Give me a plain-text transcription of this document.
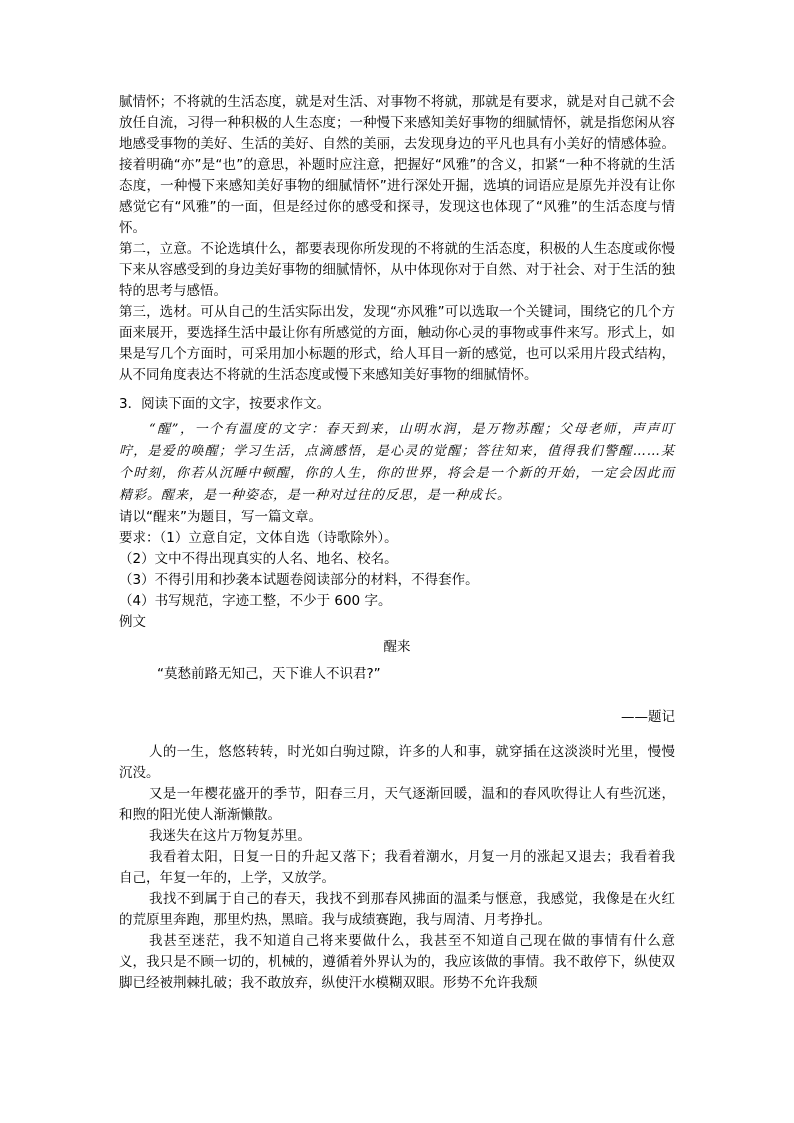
腻情怀；不将就的生活态度，就是对生活、对事物不将就，那就是有要求，就是对自己就不会放任自流，习得一种积极的人生态度；一种慢下来感知美好事物的细腻情怀，就是指您闲从容地感受事物的美好、生活的美好、自然的美丽，去发现身边的平凡也具有小美好的情感体验。接着明确“亦”是“也”的意思，补题时应注意，把握好“风雅”的含义，扣紧“一种不将就的生活态度，一种慢下来感知美好事物的细腻情怀”进行深处开掘，选填的词语应是原先并没有让你感觉它有“风雅”的一面，但是经过你的感受和探寻，发现这也体现了“风雅”的生活态度与情怀。

第二，立意。不论选填什么，都要表现你所发现的不将就的生活态度，积极的人生态度或你慢下来从容感受到的身边美好事物的细腻情怀，从中体现你对于自然、对于社会、对于生活的独特的思考与感悟。

第三，选材。可从自己的生活实际出发，发现“亦风雅”可以选取一个关键词，围绕它的几个方面来展开，要选择生活中最让你有所感觉的方面，触动你心灵的事物或事件来写。形式上，如果是写几个方面时，可采用加小标题的形式，给人耳目一新的感觉，也可以采用片段式结构，从不同角度表达不将就的生活态度或慢下来感知美好事物的细腻情怀。

3．阅读下面的文字，按要求作文。

“醒”，一个有温度的文字：春天到来，山明水润，是万物苏醒；父母老师，声声叮咛，是爱的唤醒；学习生活，点滴感悟，是心灵的觉醒；答往知来，值得我们警醒……某个时刻，你若从沉睡中顿醒，你的人生，你的世界，将会是一个新的开始，一定会因此而精彩。醒来，是一种姿态，是一种对过往的反思，是一种成长。

请以“醒来”为题目，写一篇文章。

要求：（1）立意自定，文体自选（诗歌除外）。

（2）文中不得出现真实的人名、地名、校名。

（3）不得引用和抄袭本试题卷阅读部分的材料，不得套作。

（4）书写规范，字迹工整，不少于 600 字。

例文

醒来

“莫愁前路无知己，天下谁人不识君?”

——题记

人的一生，悠悠转转，时光如白驹过隙，许多的人和事，就穿插在这淡淡时光里，慢慢沉没。

又是一年樱花盛开的季节，阳春三月，天气逐渐回暖，温和的春风吹得让人有些沉迷，和煦的阳光使人渐渐懒散。

我迷失在这片万物复苏里。

我看着太阳，日复一日的升起又落下；我看着潮水，月复一月的涨起又退去；我看着我自己，年复一年的，上学，又放学。

我找不到属于自己的春天，我找不到那春风拂面的温柔与惬意，我感觉，我像是在火红的荒原里奔跑，那里灼热，黑暗。我与成绩赛跑，我与周清、月考挣扎。

我甚至迷茫，我不知道自己将来要做什么，我甚至不知道自己现在做的事情有什么意义，我只是不顾一切的，机械的，遵循着外界认为的，我应该做的事情。我不敢停下，纵使双脚已经被荆棘扎破；我不敢放弃，纵使汗水模糊双眼。形势不允许我颓
